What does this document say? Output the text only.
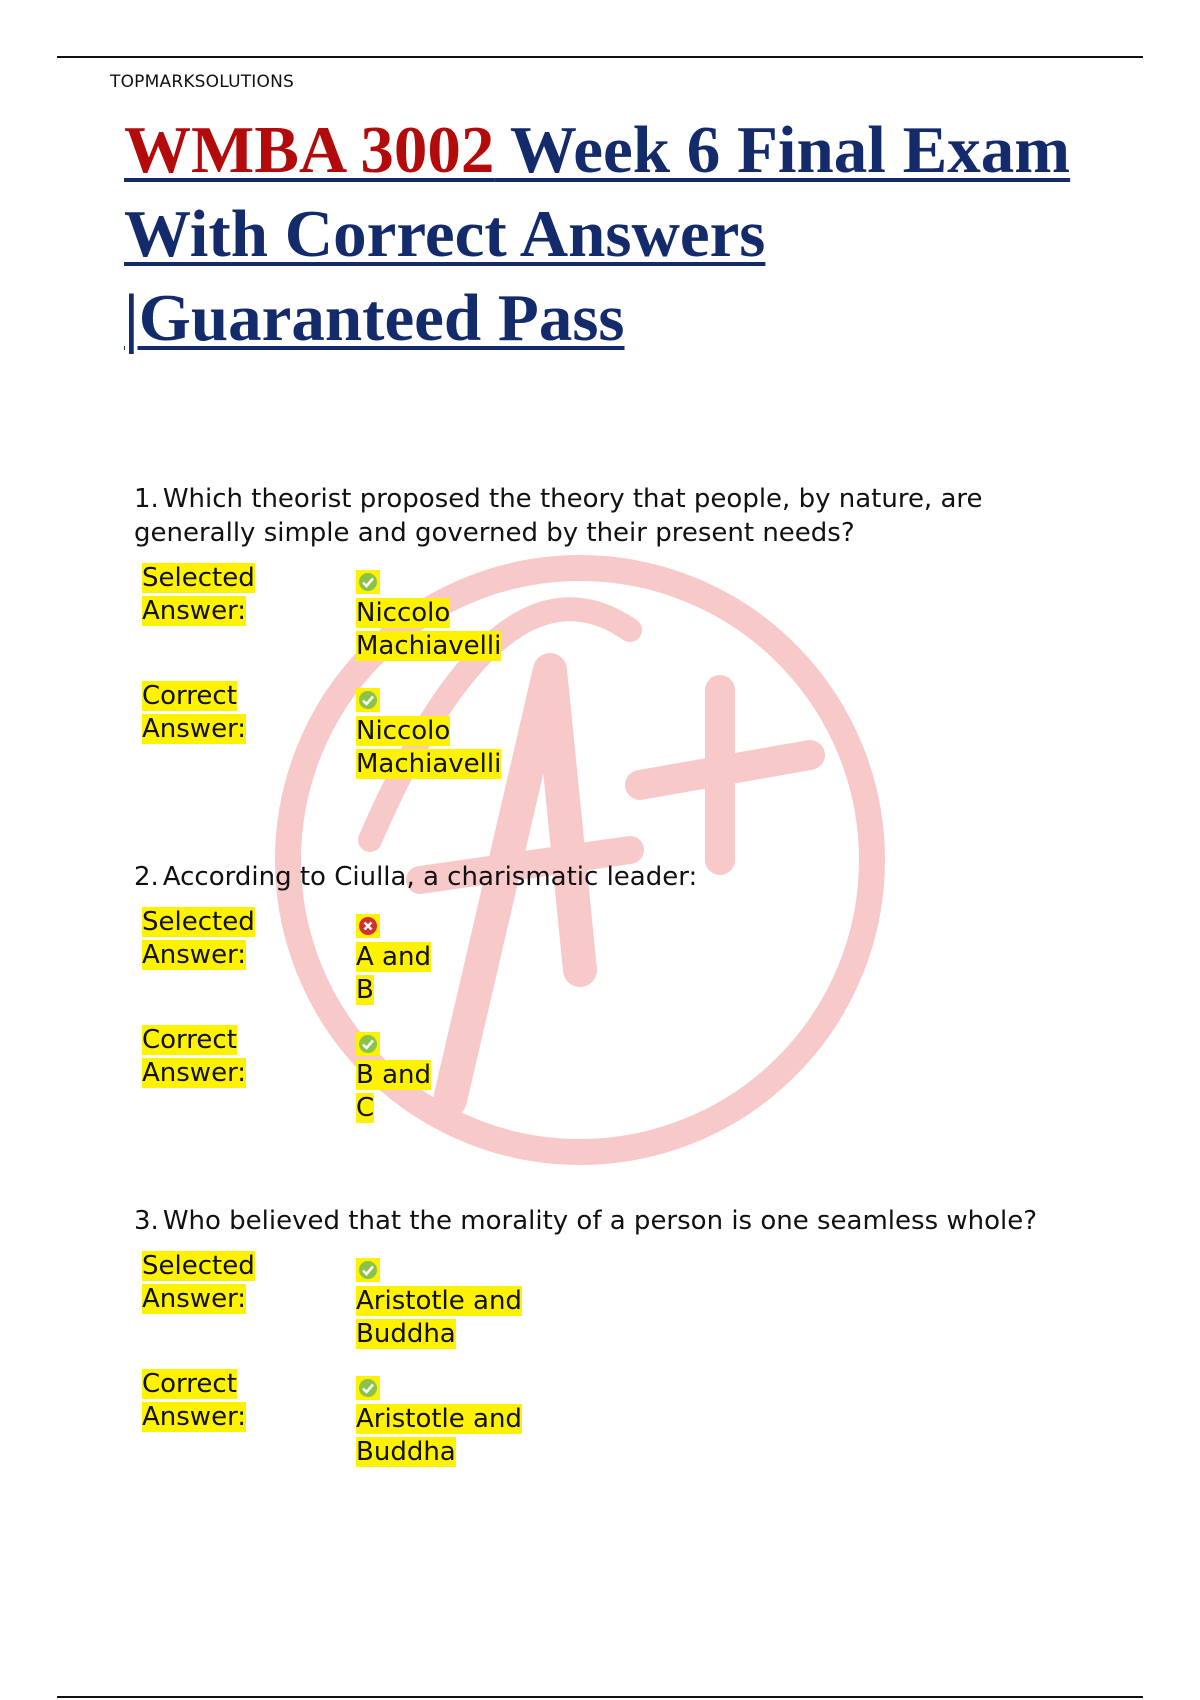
TOPMARKSOLUTIONS
WMBA 3002 Week 6 Final Exam With Correct Answers |Guaranteed Pass

1. Which theorist proposed the theory that people, by nature, are generally simple and governed by their present needs?

Selected Answer:	Niccolo Machiavelli
Correct Answer:	Niccolo Machiavelli

2. According to Ciulla, a charismatic leader:

Selected Answer:	A and B
Correct Answer:	B and C

3. Who believed that the morality of a person is one seamless whole?

Selected Answer:	Aristotle and Buddha
Correct Answer:	Aristotle and Buddha
